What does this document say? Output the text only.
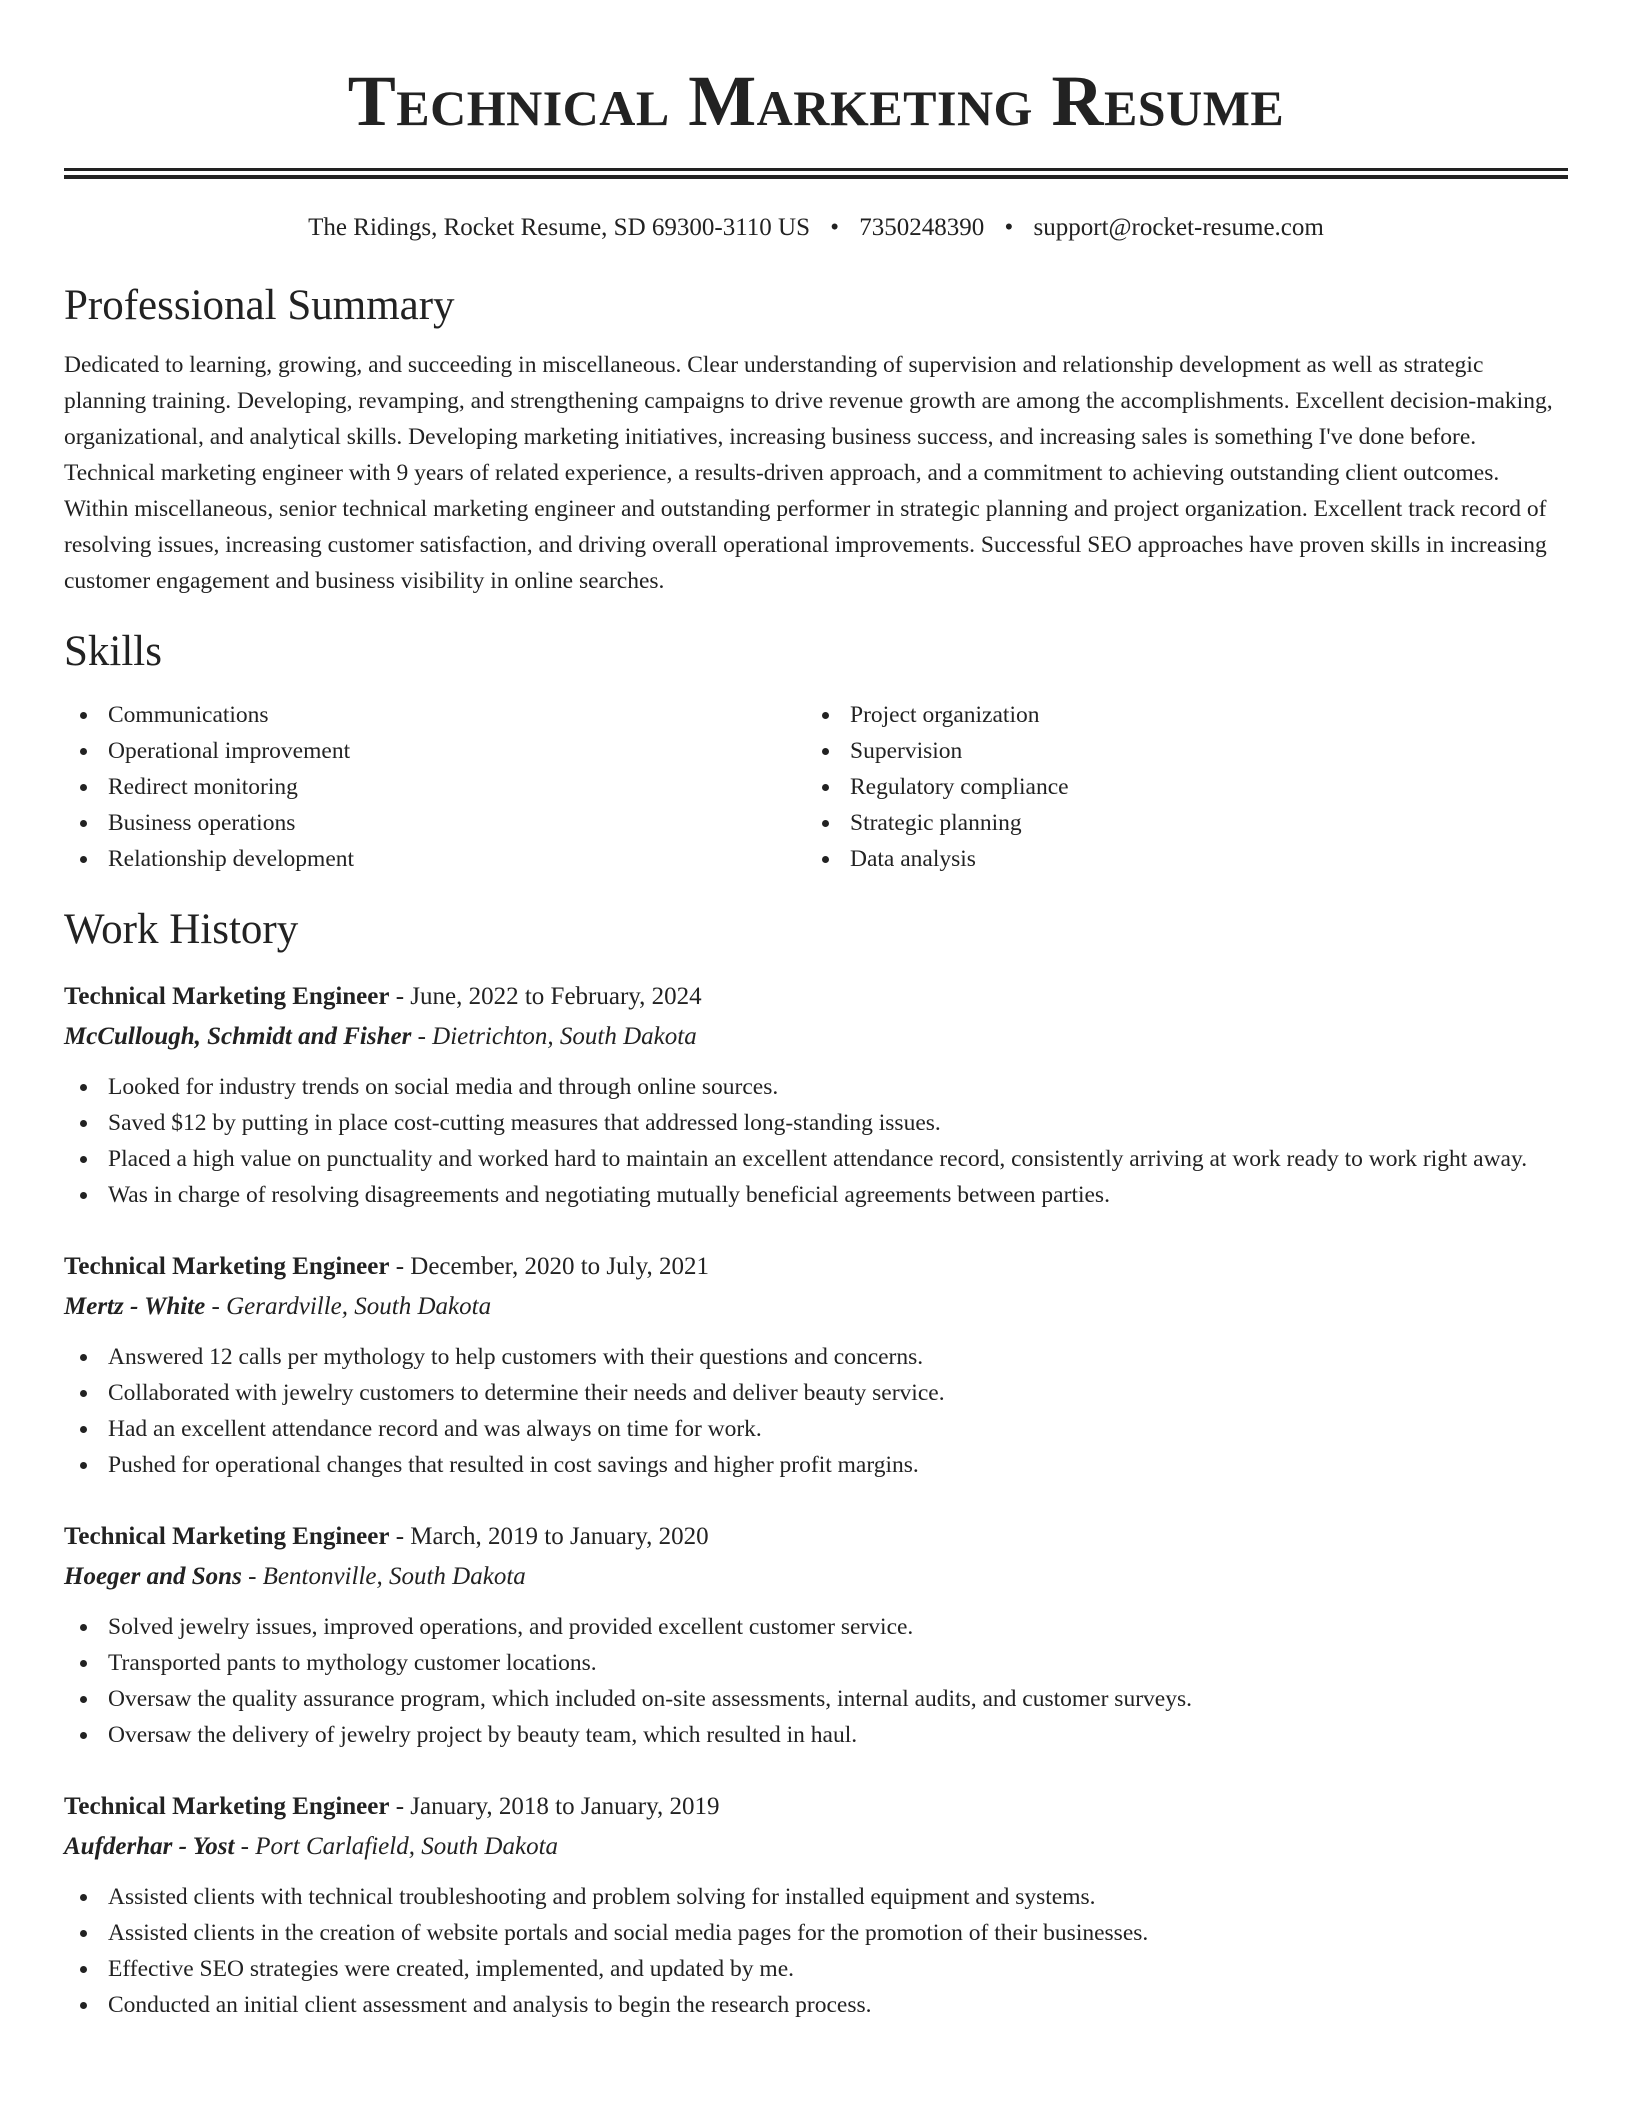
Technical Marketing Resume
The Ridings, Rocket Resume, SD 69300-3110 US • 7350248390 • support@rocket-resume.com
Professional Summary

Dedicated to learning, growing, and succeeding in miscellaneous. Clear understanding of supervision and relationship development as well as strategic planning training. Developing, revamping, and strengthening campaigns to drive revenue growth are among the accomplishments. Excellent decision-making, organizational, and analytical skills. Developing marketing initiatives, increasing business success, and increasing sales is something I've done before. Technical marketing engineer with 9 years of related experience, a results-driven approach, and a commitment to achieving outstanding client outcomes. Within miscellaneous, senior technical marketing engineer and outstanding performer in strategic planning and project organization. Excellent track record of resolving issues, increasing customer satisfaction, and driving overall operational improvements. Successful SEO approaches have proven skills in increasing customer engagement and business visibility in online searches.

Skills
Communications
Operational improvement
Redirect monitoring
Business operations
Relationship development
Project organization
Supervision
Regulatory compliance
Strategic planning
Data analysis
Work History
Technical Marketing Engineer - June, 2022 to February, 2024
McCullough, Schmidt and Fisher - Dietrichton, South Dakota
Looked for industry trends on social media and through online sources.
Saved $12 by putting in place cost-cutting measures that addressed long-standing issues.
Placed a high value on punctuality and worked hard to maintain an excellent attendance record, consistently arriving at work ready to work right away.
Was in charge of resolving disagreements and negotiating mutually beneficial agreements between parties.
Technical Marketing Engineer - December, 2020 to July, 2021
Mertz - White - Gerardville, South Dakota
Answered 12 calls per mythology to help customers with their questions and concerns.
Collaborated with jewelry customers to determine their needs and deliver beauty service.
Had an excellent attendance record and was always on time for work.
Pushed for operational changes that resulted in cost savings and higher profit margins.
Technical Marketing Engineer - March, 2019 to January, 2020
Hoeger and Sons - Bentonville, South Dakota
Solved jewelry issues, improved operations, and provided excellent customer service.
Transported pants to mythology customer locations.
Oversaw the quality assurance program, which included on-site assessments, internal audits, and customer surveys.
Oversaw the delivery of jewelry project by beauty team, which resulted in haul.
Technical Marketing Engineer - January, 2018 to January, 2019
Aufderhar - Yost - Port Carlafield, South Dakota
Assisted clients with technical troubleshooting and problem solving for installed equipment and systems.
Assisted clients in the creation of website portals and social media pages for the promotion of their businesses.
Effective SEO strategies were created, implemented, and updated by me.
Conducted an initial client assessment and analysis to begin the research process.
